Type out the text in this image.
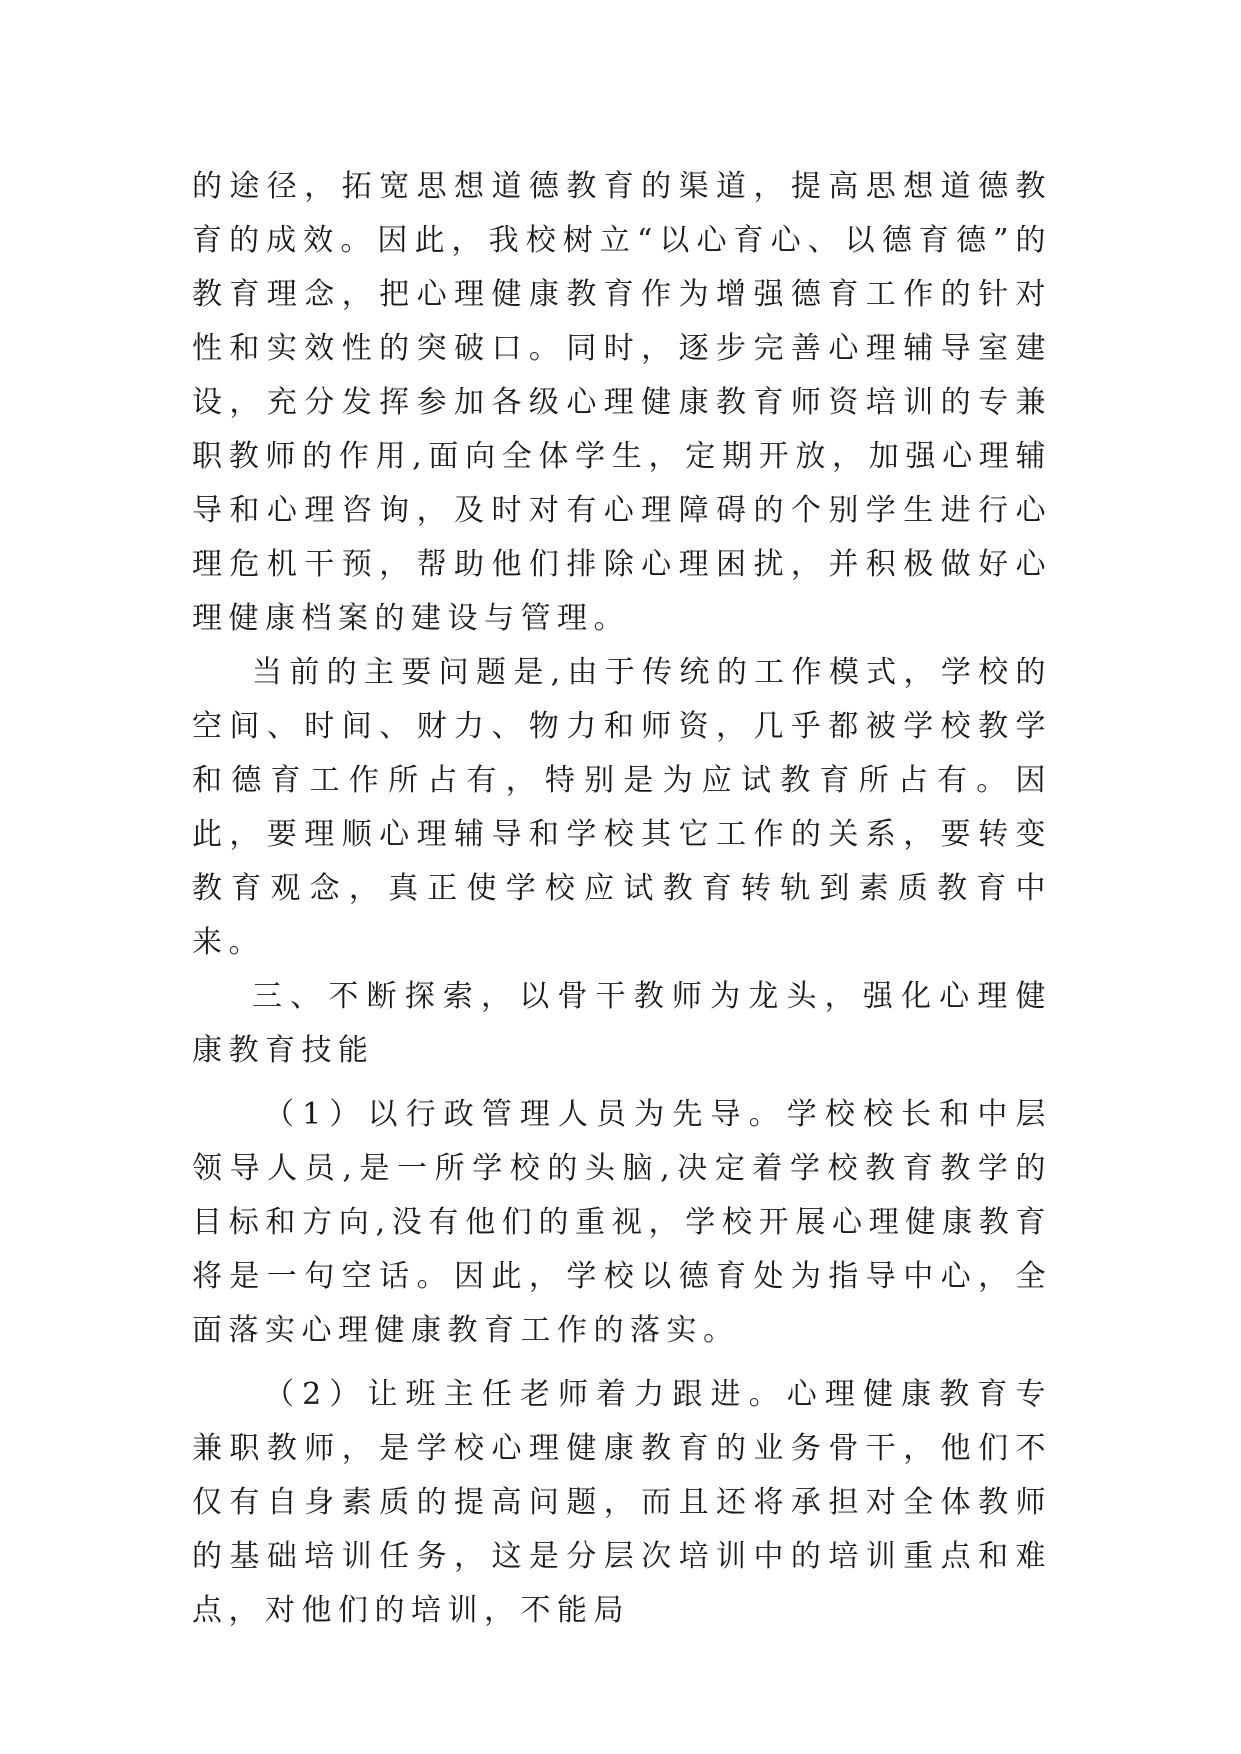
的途径，拓宽思想道德教育的渠道，提高思想道德教育的成效。因此，我校树立“以心育心、以德育德”的教育理念，把心理健康教育作为增强德育工作的针对性和实效性的突破口。同时，逐步完善心理辅导室建设，充分发挥参加各级心理健康教育师资培训的专兼职教师的作用,面向全体学生，定期开放，加强心理辅导和心理咨询，及时对有心理障碍的个别学生进行心理危机干预，帮助他们排除心理困扰，并积极做好心理健康档案的建设与管理。

当前的主要问题是,由于传统的工作模式，学校的空间、时间、财力、物力和师资，几乎都被学校教学和德育工作所占有，特别是为应试教育所占有。因此，要理顺心理辅导和学校其它工作的关系，要转变教育观念，真正使学校应试教育转轨到素质教育中来。

三、不断探索，以骨干教师为龙头，强化心理健康教育技能

（1）以行政管理人员为先导。学校校长和中层领导人员,是一所学校的头脑,决定着学校教育教学的目标和方向,没有他们的重视，学校开展心理健康教育将是一句空话。因此，学校以德育处为指导中心，全面落实心理健康教育工作的落实。

（2）让班主任老师着力跟进。心理健康教育专兼职教师，是学校心理健康教育的业务骨干，他们不仅有自身素质的提高问题，而且还将承担对全体教师的基础培训任务，这是分层次培训中的培训重点和难点，对他们的培训，不能局
